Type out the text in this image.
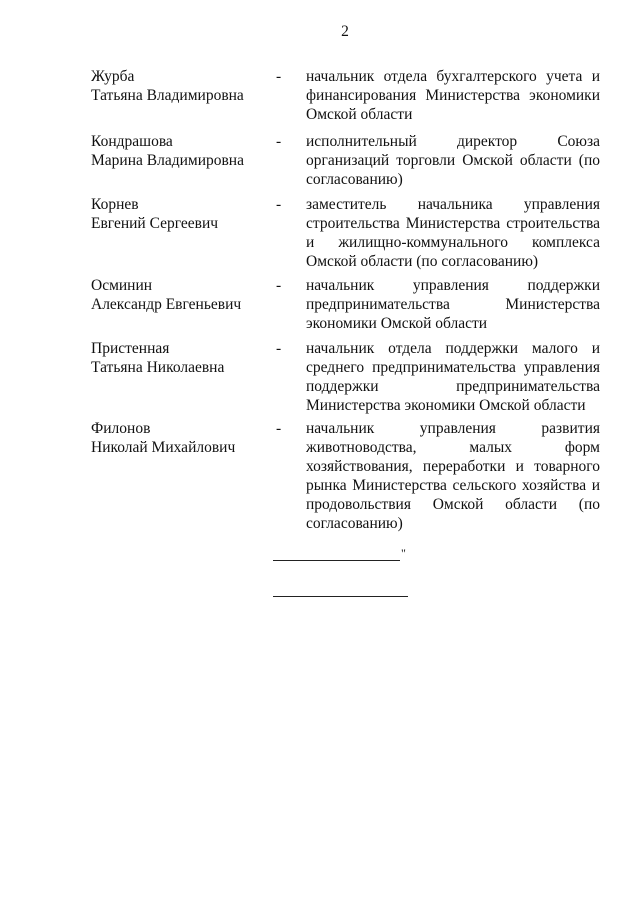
2
Журба
Татьяна Владимировна
- начальник отдела бухгалтерского учета и
финансирования Министерства экономики
Омской области
Кондрашова
Марина Владимировна
- исполнительный директор Союза
организаций торговли Омской области (по
согласованию)
Корнев
Евгений Сергеевич
- заместитель начальника управления
строительства Министерства строительства
и жилищно-коммунального комплекса
Омской области (по согласованию)
Осминин
Александр Евгеньевич
- начальник управления поддержки
предпринимательства Министерства
экономики Омской области
Пристенная
Татьяна Николаевна
- начальник отдела поддержки малого и
среднего предпринимательства управления
поддержки предпринимательства
Министерства экономики Омской области
Филонов
Николай Михайлович
- начальник управления развития
животноводства, малых форм
хозяйствования, переработки и товарного
рынка Министерства сельского хозяйства и
продовольствия Омской области (по
согласованию)
"
